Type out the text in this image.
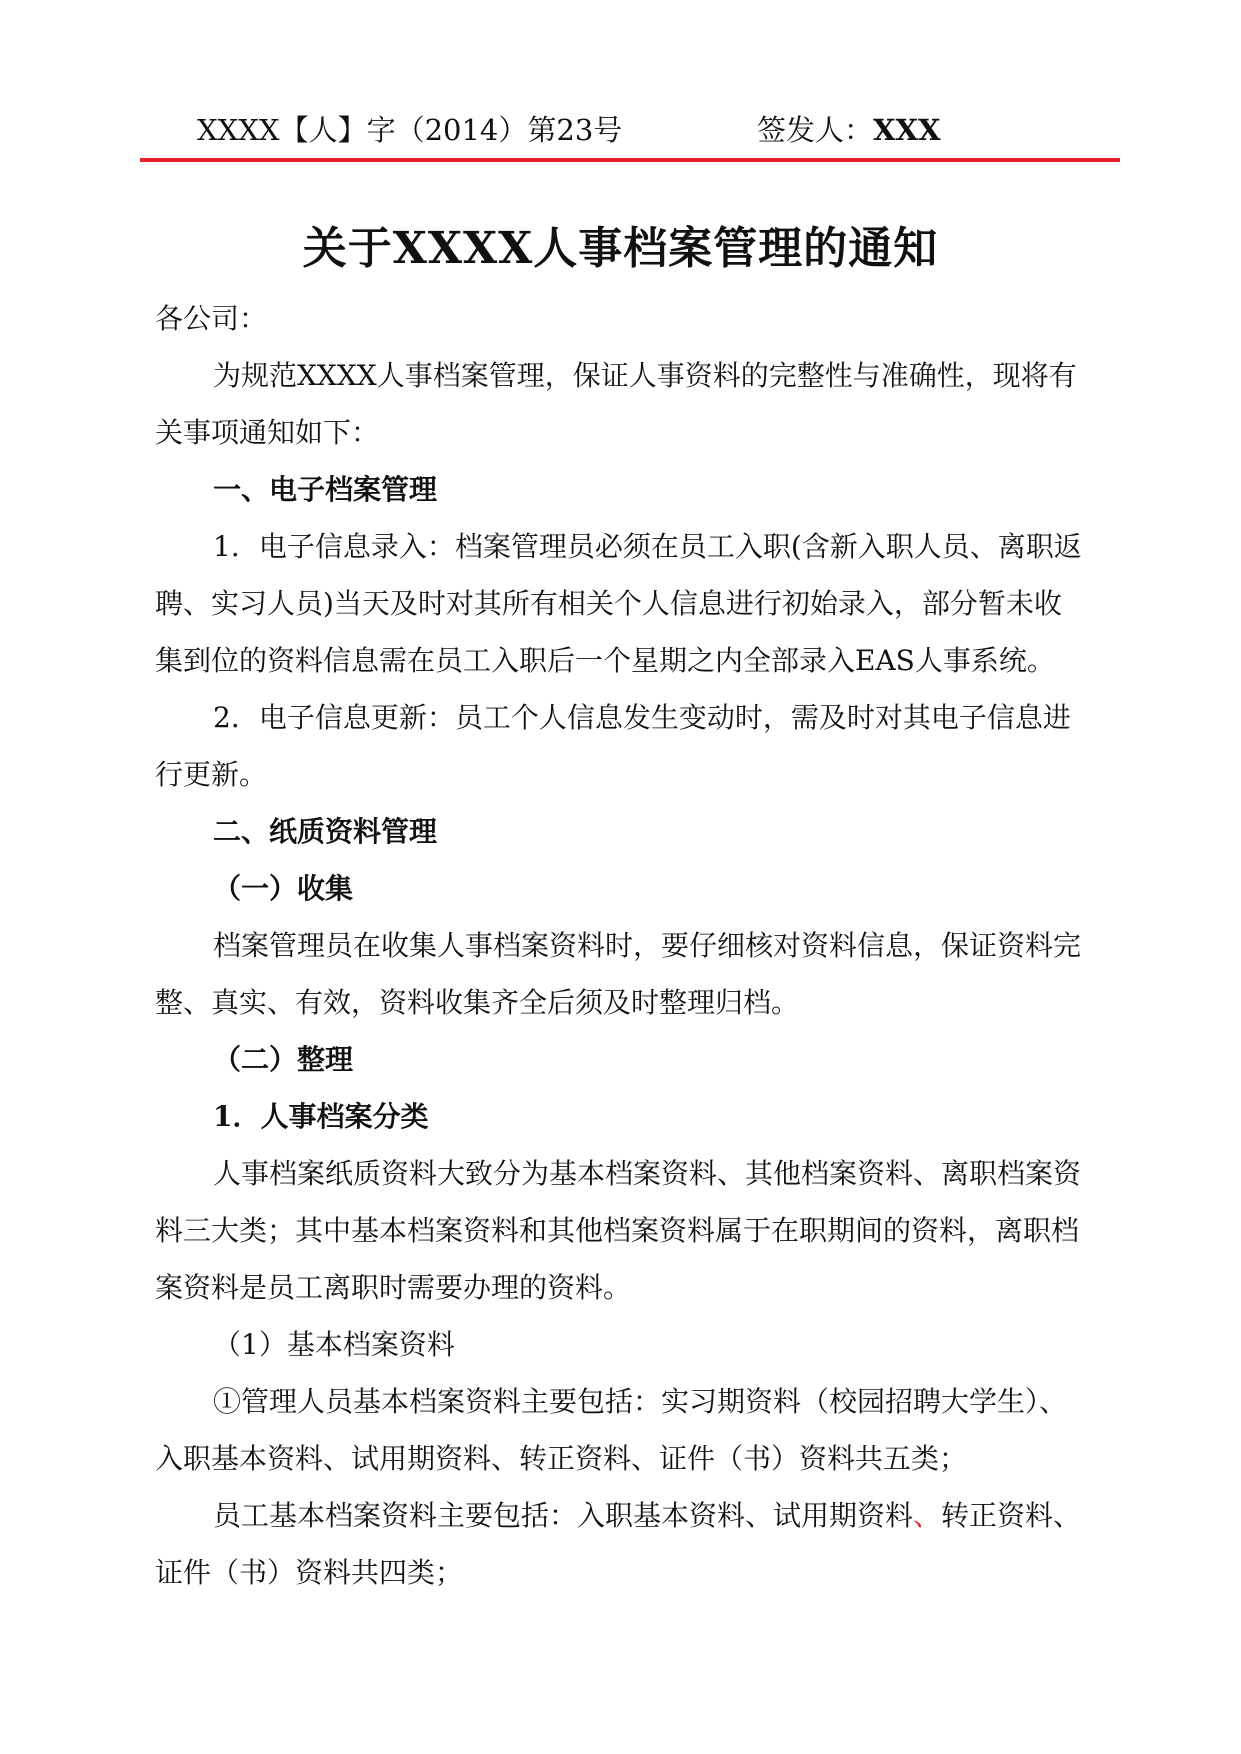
XXXX【人】字（2014）第23号	签发人：XXX
关于XXXX人事档案管理的通知

各公司：

为规范XXXX人事档案管理，保证人事资料的完整性与准确性，现将有关事项通知如下：

一、电子档案管理

1．电子信息录入：档案管理员必须在员工入职(含新入职人员、离职返聘、实习人员)当天及时对其所有相关个人信息进行初始录入，部分暂未收集到位的资料信息需在员工入职后一个星期之内全部录入EAS人事系统。

2．电子信息更新：员工个人信息发生变动时，需及时对其电子信息进行更新。

二、纸质资料管理

（一）收集

档案管理员在收集人事档案资料时，要仔细核对资料信息，保证资料完整、真实、有效，资料收集齐全后须及时整理归档。

（二）整理

1．人事档案分类

人事档案纸质资料大致分为基本档案资料、其他档案资料、离职档案资料三大类；其中基本档案资料和其他档案资料属于在职期间的资料，离职档案资料是员工离职时需要办理的资料。

（1）基本档案资料

①管理人员基本档案资料主要包括：实习期资料（校园招聘大学生）、入职基本资料、试用期资料、转正资料、证件（书）资料共五类；

员工基本档案资料主要包括：入职基本资料、试用期资料、转正资料、证件（书）资料共四类；
